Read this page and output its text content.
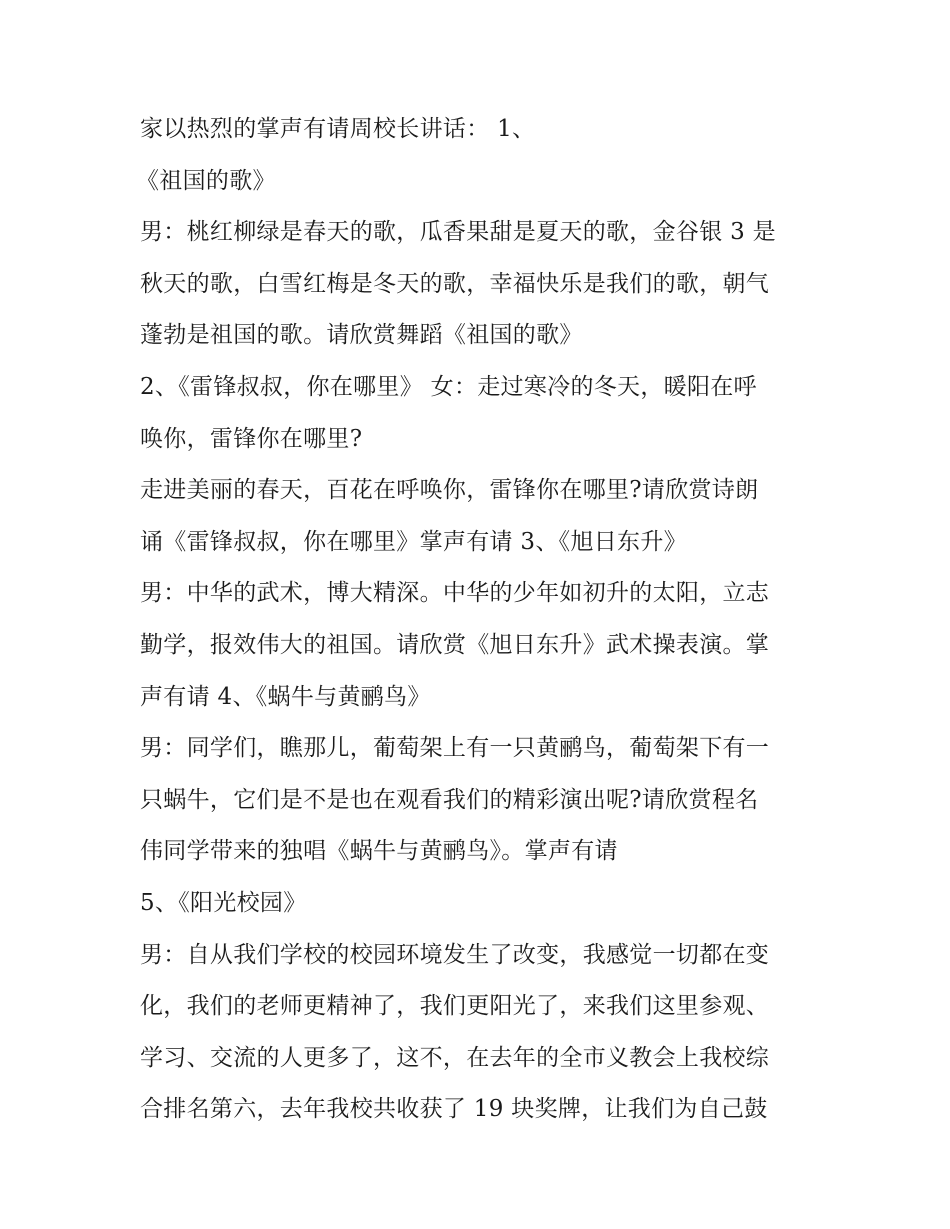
家以热烈的掌声有请周校长讲话： 1、
《祖国的歌》
男：桃红柳绿是春天的歌，瓜香果甜是夏天的歌，金谷银 3 是
秋天的歌，白雪红梅是冬天的歌，幸福快乐是我们的歌，朝气
蓬勃是祖国的歌。请欣赏舞蹈《祖国的歌》
2、《雷锋叔叔，你在哪里》 女：走过寒冷的冬天，暖阳在呼
唤你，雷锋你在哪里?
走进美丽的春天，百花在呼唤你，雷锋你在哪里?请欣赏诗朗
诵《雷锋叔叔，你在哪里》掌声有请 3、《旭日东升》
男：中华的武术，博大精深。中华的少年如初升的太阳，立志
勤学，报效伟大的祖国。请欣赏《旭日东升》武术操表演。掌
声有请 4、《蜗牛与黄鹂鸟》
男：同学们，瞧那儿，葡萄架上有一只黄鹂鸟，葡萄架下有一
只蜗牛，它们是不是也在观看我们的精彩演出呢?请欣赏程名
伟同学带来的独唱《蜗牛与黄鹂鸟》。掌声有请
5、《阳光校园》
男：自从我们学校的校园环境发生了改变，我感觉一切都在变
化，我们的老师更精神了，我们更阳光了，来我们这里参观、
学习、交流的人更多了，这不，在去年的全市义教会上我校综
合排名第六，去年我校共收获了 19 块奖牌，让我们为自己鼓
